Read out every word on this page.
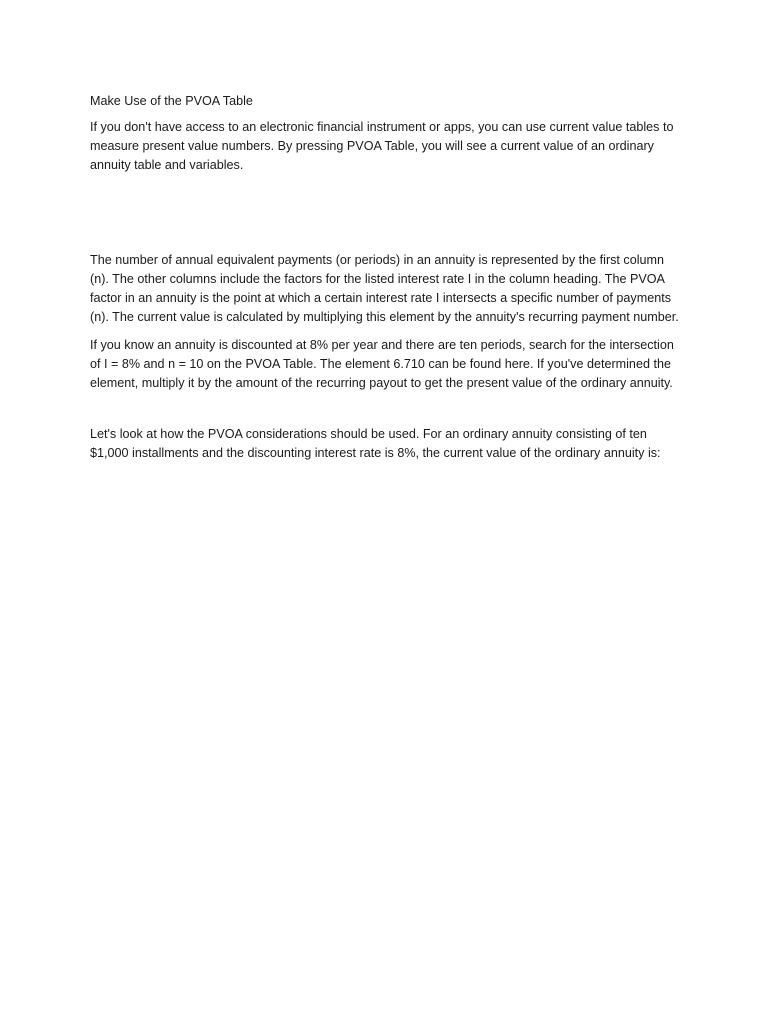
Make Use of the PVOA Table

If you don't have access to an electronic financial instrument or apps, you can use current value tables to measure present value numbers. By pressing PVOA Table, you will see a current value of an ordinary annuity table and variables.

The number of annual equivalent payments (or periods) in an annuity is represented by the first column (n). The other columns include the factors for the listed interest rate I in the column heading. The PVOA factor in an annuity is the point at which a certain interest rate I intersects a specific number of payments (n). The current value is calculated by multiplying this element by the annuity's recurring payment number.

If you know an annuity is discounted at 8% per year and there are ten periods, search for the intersection of I = 8% and n = 10 on the PVOA Table. The element 6.710 can be found here. If you've determined the element, multiply it by the amount of the recurring payout to get the present value of the ordinary annuity.

Let's look at how the PVOA considerations should be used. For an ordinary annuity consisting of ten $1,000 installments and the discounting interest rate is 8%, the current value of the ordinary annuity is:
